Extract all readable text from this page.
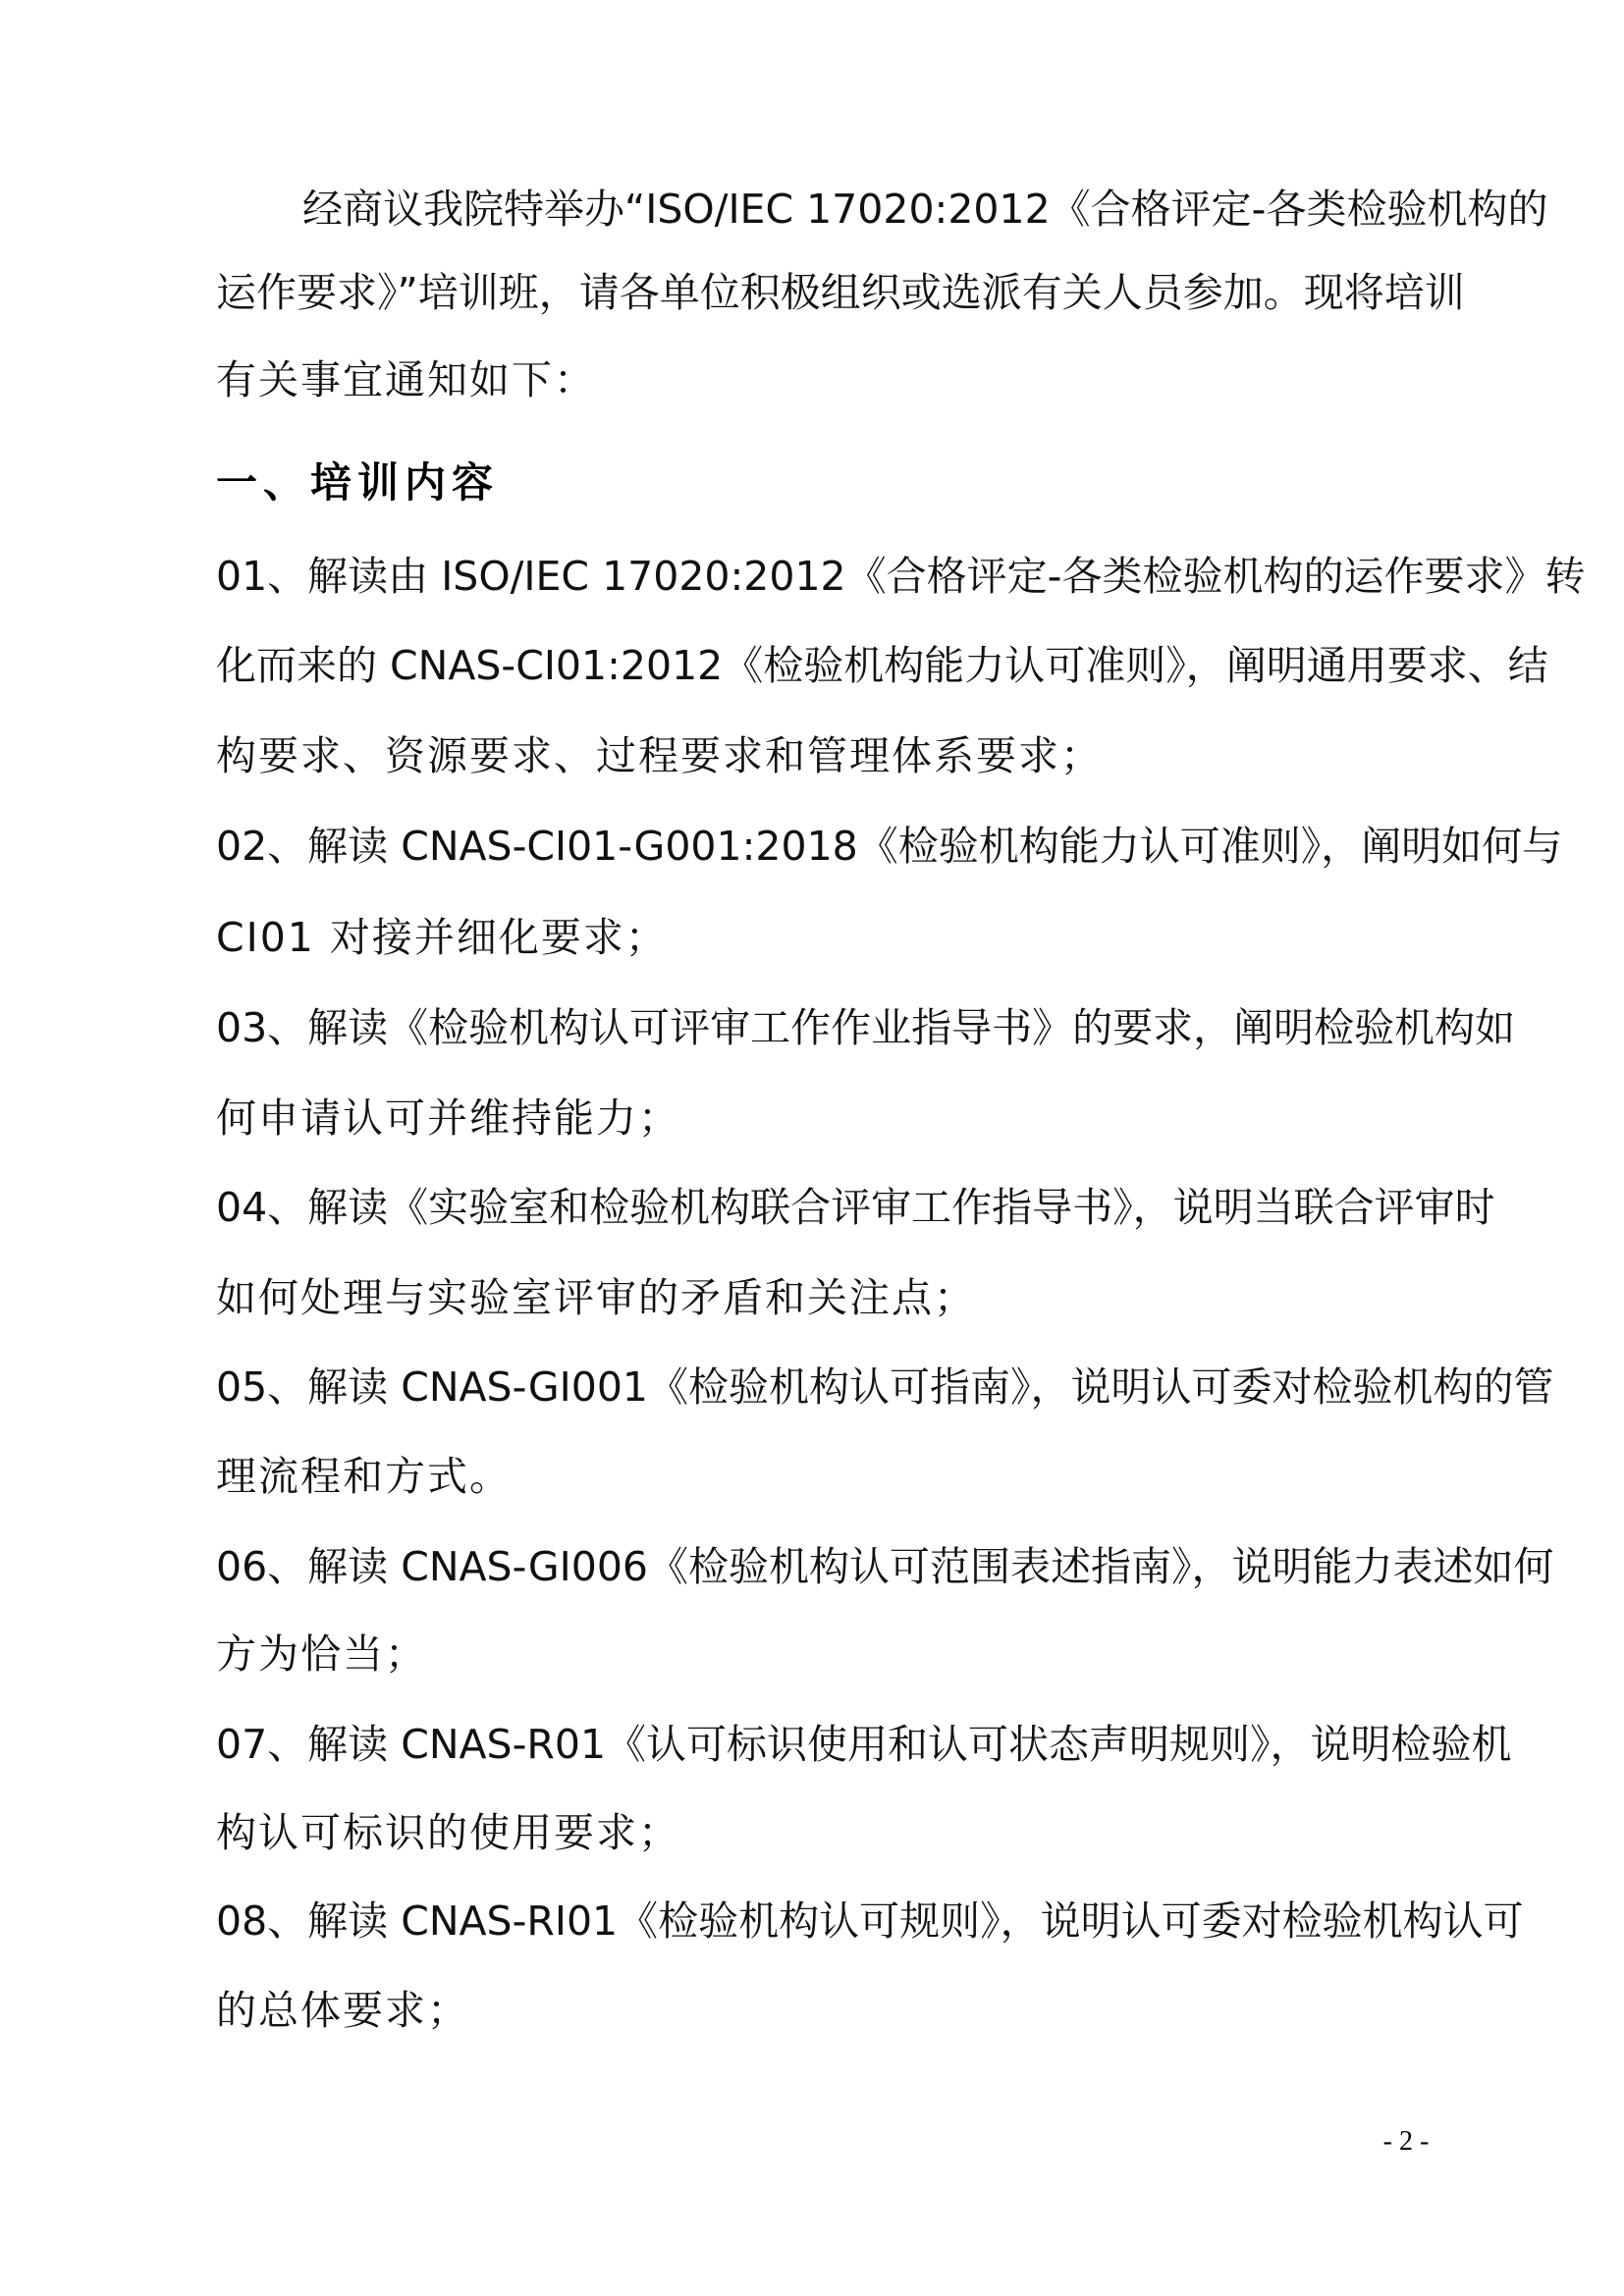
经商议我院特举办“ISO/IEC 17020:2012《合格评定-各类检验机构的
运作要求》”培训班，请各单位积极组织或选派有关人员参加。现将培训
有关事宜通知如下：
一、培训内容
01、解读由 ISO/IEC 17020:2012《合格评定-各类检验机构的运作要求》转
化而来的 CNAS-CI01:2012《检验机构能力认可准则》，阐明通用要求、结
构要求、资源要求、过程要求和管理体系要求；
02、解读 CNAS-CI01-G001:2018《检验机构能力认可准则》，阐明如何与
CI01 对接并细化要求；
03、解读《检验机构认可评审工作作业指导书》的要求，阐明检验机构如
何申请认可并维持能力；
04、解读《实验室和检验机构联合评审工作指导书》，说明当联合评审时
如何处理与实验室评审的矛盾和关注点；
05、解读 CNAS-GI001《检验机构认可指南》，说明认可委对检验机构的管
理流程和方式。
06、解读 CNAS-GI006《检验机构认可范围表述指南》，说明能力表述如何
方为恰当；
07、解读 CNAS-R01《认可标识使用和认可状态声明规则》，说明检验机
构认可标识的使用要求；
08、解读 CNAS-RI01《检验机构认可规则》，说明认可委对检验机构认可
的总体要求；
- 2 -
